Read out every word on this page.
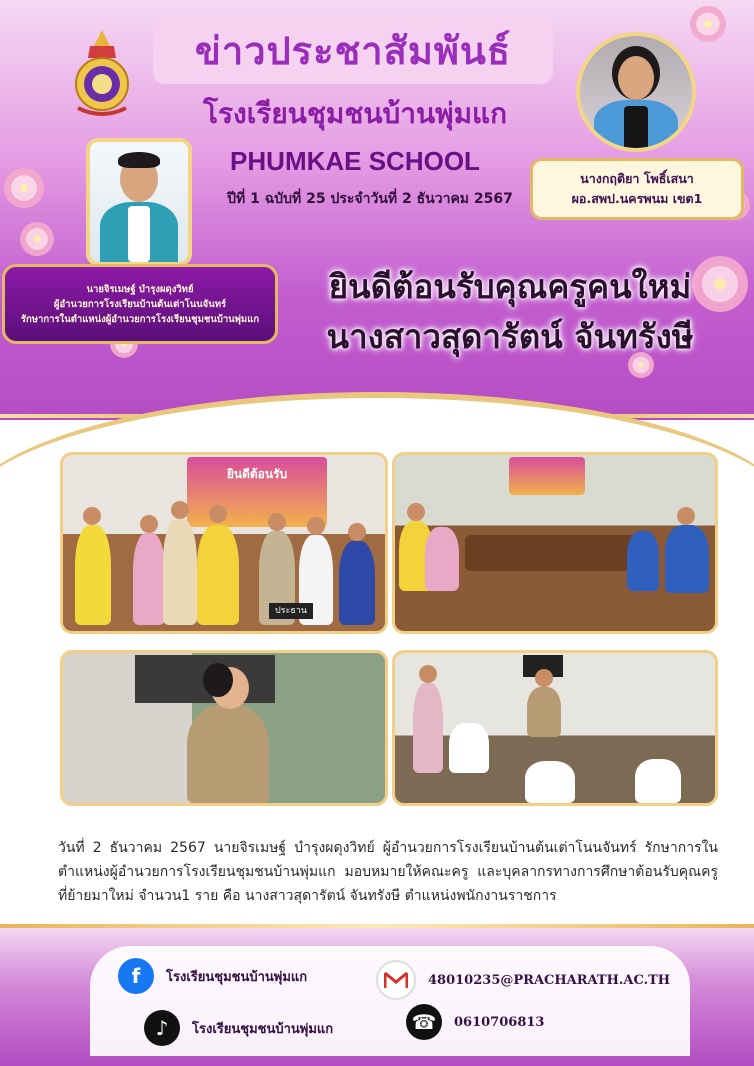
ข่าวประชาสัมพันธ์
โรงเรียนชุมชนบ้านพุ่มแก
PHUMKAE SCHOOL
ปีที่ 1 ฉบับที่ 25 ประจำวันที่ 2 ธันวาคม 2567
นางกฤติยา โพธิ์เสนา
ผอ.สพป.นครพนม เขต1
นายจิรเมษฐ์ บำรุงผดุงวิทย์
ผู้อำนวยการโรงเรียนบ้านต้นเต่าโนนจันทร์
รักษาการในตำแหน่งผู้อำนวยการโรงเรียนชุมชนบ้านพุ่มแก
ยินดีต้อนรับคุณครูคนใหม่
นางสาวสุดารัตน์ จันทรังษี
ยินดีต้อนรับ
ประธาน
วันที่ 2 ธันวาคม 2567 นายจิรเมษฐ์ บำรุงผดุงวิทย์ ผู้อำนวยการโรงเรียนบ้านต้นเต่าโนนจันทร์ รักษาการในตำแหน่งผู้อำนวยการโรงเรียนชุมชนบ้านพุ่มแก มอบหมายให้คณะครู และบุคลากรทางการศึกษาต้อนรับคุณครูที่ย้ายมาใหม่ จำนวน1 ราย คือ นางสาวสุดารัตน์ จันทรังษี ตำแหน่งพนักงานราชการ
f	โรงเรียนชุมชนบ้านพุ่มแก	48010235@PRACHARATH.AC.TH
♪	โรงเรียนชุมชนบ้านพุ่มแก	☎	0610706813
